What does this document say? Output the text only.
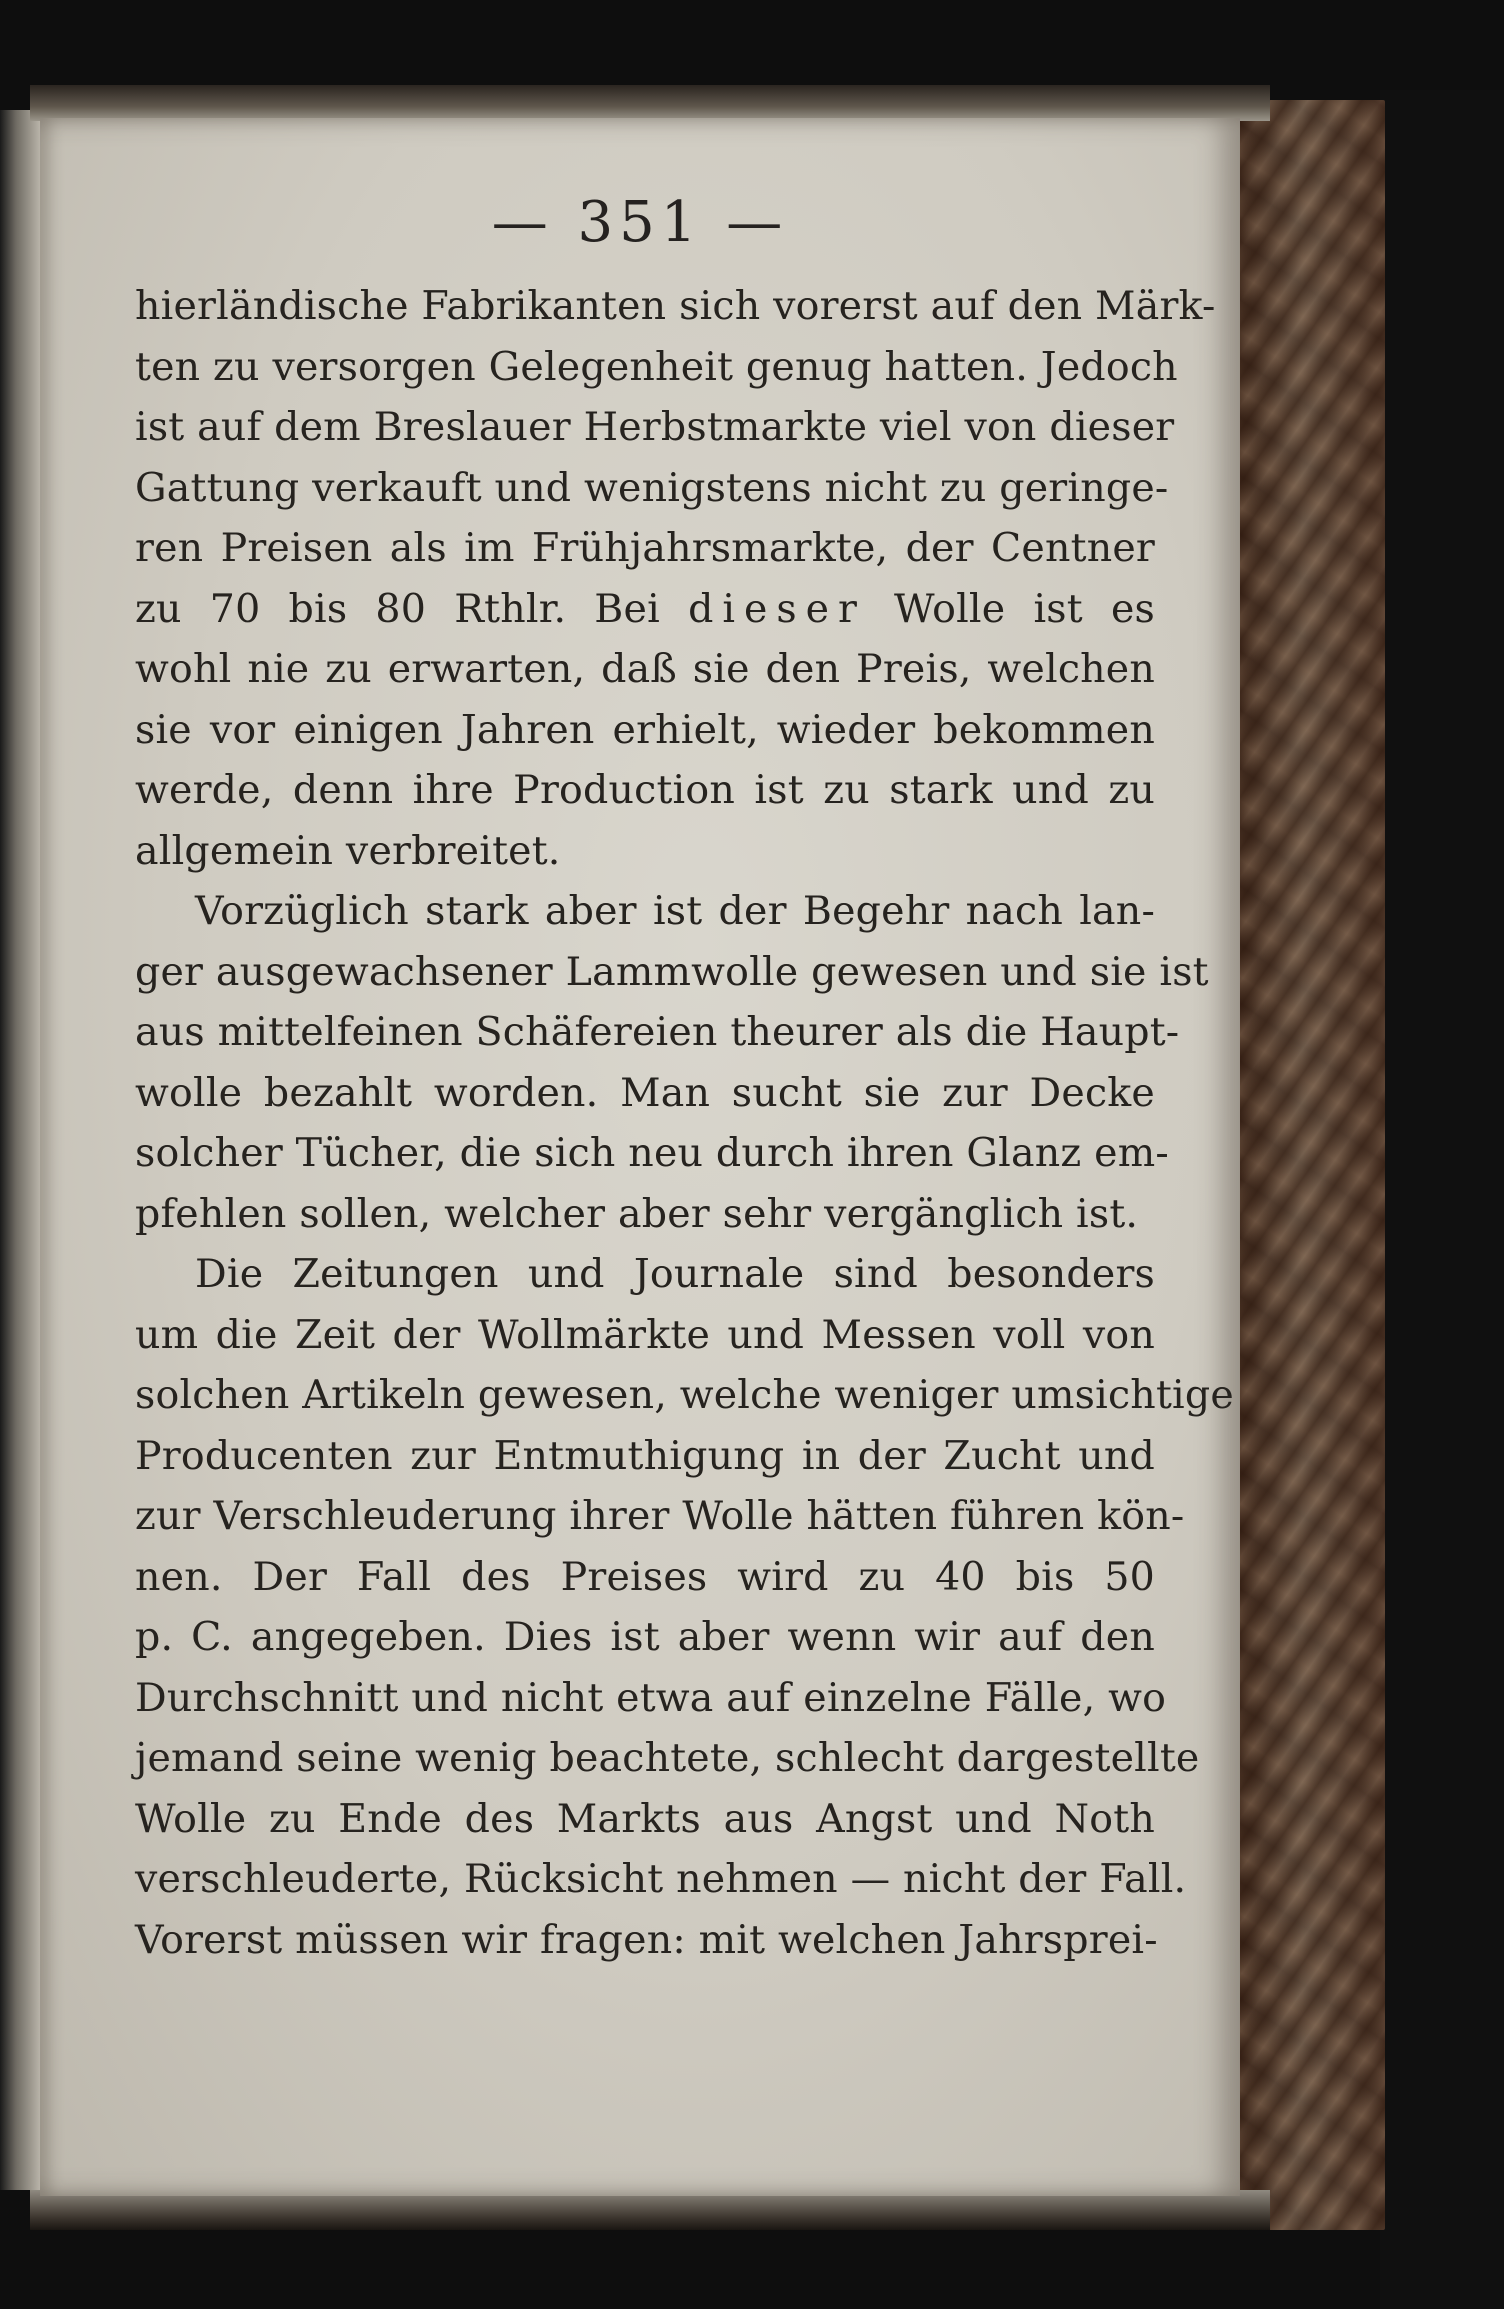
— 351 —
hierländische Fabrikanten sich vorerst auf den Märk-
ten zu versorgen Gelegenheit genug hatten. Jedoch
ist auf dem Breslauer Herbstmarkte viel von dieser
Gattung verkauft und wenigstens nicht zu geringe-
ren Preisen als im Frühjahrsmarkte, der Centner
zu 70 bis 80 Rthlr. Bei dieser Wolle ist es
wohl nie zu erwarten, daß sie den Preis, welchen
sie vor einigen Jahren erhielt, wieder bekommen
werde, denn ihre Production ist zu stark und zu
allgemein verbreitet.
Vorzüglich stark aber ist der Begehr nach lan-
ger ausgewachsener Lammwolle gewesen und sie ist
aus mittelfeinen Schäfereien theurer als die Haupt-
wolle bezahlt worden. Man sucht sie zur Decke
solcher Tücher, die sich neu durch ihren Glanz em-
pfehlen sollen, welcher aber sehr vergänglich ist.
Die Zeitungen und Journale sind besonders
um die Zeit der Wollmärkte und Messen voll von
solchen Artikeln gewesen, welche weniger umsichtige
Producenten zur Entmuthigung in der Zucht und
zur Verschleuderung ihrer Wolle hätten führen kön-
nen. Der Fall des Preises wird zu 40 bis 50
p. C. angegeben. Dies ist aber wenn wir auf den
Durchschnitt und nicht etwa auf einzelne Fälle, wo
jemand seine wenig beachtete, schlecht dargestellte
Wolle zu Ende des Markts aus Angst und Noth
verschleuderte, Rücksicht nehmen — nicht der Fall.
Vorerst müssen wir fragen: mit welchen Jahrsprei-
